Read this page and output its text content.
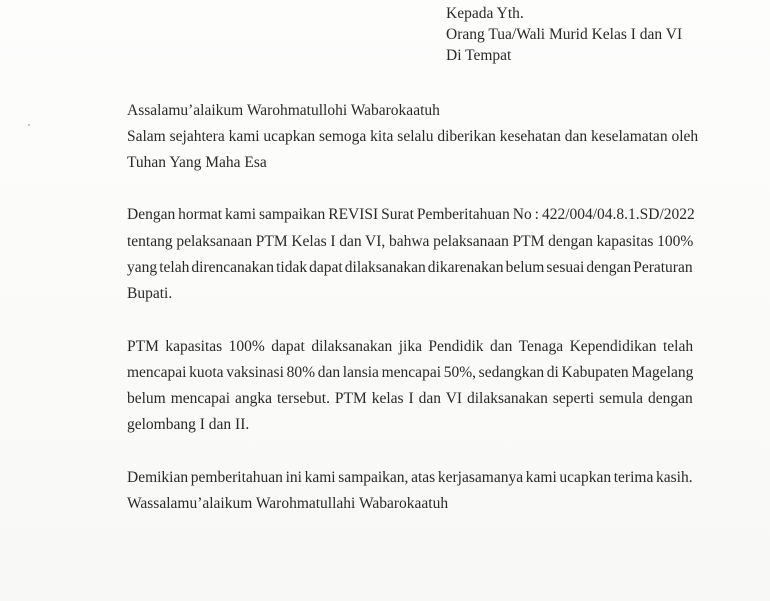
Kepada Yth.
Orang Tua/Wali Murid Kelas I dan VI
Di Tempat
Assalamu’alaikum Warohmatullohi Wabarokaatuh
Salam sejahtera kami ucapkan semoga kita selalu diberikan kesehatan dan keselamatan oleh
Tuhan Yang Maha Esa
Dengan hormat kami sampaikan REVISI Surat Pemberitahuan No : 422/004/04.8.1.SD/2022
tentang pelaksanaan PTM Kelas I dan VI, bahwa pelaksanaan PTM dengan kapasitas 100%
yang telah direncanakan tidak dapat dilaksanakan dikarenakan belum sesuai dengan Peraturan
Bupati.
PTM kapasitas 100% dapat dilaksanakan jika Pendidik dan Tenaga Kependidikan telah
mencapai kuota vaksinasi 80% dan lansia mencapai 50%, sedangkan di Kabupaten Magelang
belum mencapai angka tersebut. PTM kelas I dan VI dilaksanakan seperti semula dengan
gelombang I dan II.
Demikian pemberitahuan ini kami sampaikan, atas kerjasamanya kami ucapkan terima kasih.
Wassalamu’alaikum Warohmatullahi Wabarokaatuh
